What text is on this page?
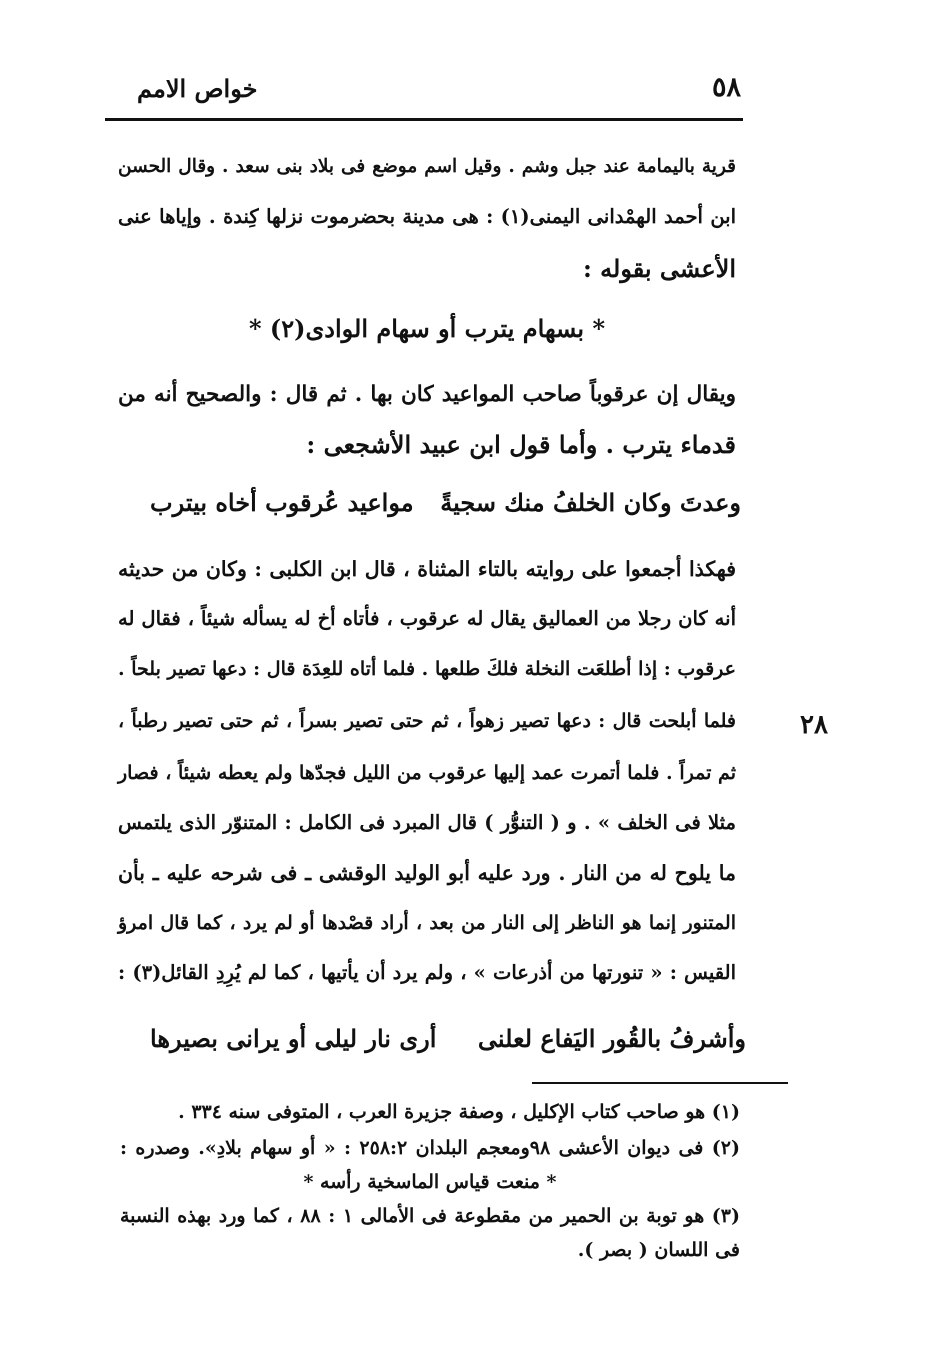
٥٨
خواص الامم
قرية باليمامة عند جبل وشم . وقيل اسم موضع فى بلاد بنى سعد . وقال الحسن
ابن أحمد الهمْدانى اليمنى(١) : هى مدينة بحضرموت نزلها كِندة . وإياها عنى
الأعشى بقوله :
* بسهام يترب أو سهام الوادى(٢) *
ويقال إن عرقوباً صاحب المواعيد كان بها . ثم قال : والصحيح أنه من
قدماء يترب . وأما قول ابن عبيد الأشجعى :
وعدتَ وكان الخلفُ منك سجيةً
مواعيد عُرقوب أخاه بيترب
فهكذا أجمعوا على روايته بالتاء المثناة ، قال ابن الكلبى : وكان من حديثه
أنه كان رجلا من العماليق يقال له عرقوب ، فأتاه أخ له يسأله شيئاً ، فقال له
عرقوب : إذا أطلعَت النخلة فلكَ طلعها . فلما أتاه للعِدَة قال : دعها تصير بلحاً .
فلما أبلحت قال : دعها تصير زهواً ، ثم حتى تصير بسراً ، ثم حتى تصير رطباً ،
ثم تمراً . فلما أتمرت عمد إليها عرقوب من الليل فجدّها ولم يعطه شيئاً ، فصار
مثلا فى الخلف » . و ( التنوُّر ) قال المبرد فى الكامل : المتنوّر الذى يلتمس
ما يلوح له من النار . ورد عليه أبو الوليد الوقشى ـ فى شرحه عليه ـ بأن
المتنور إنما هو الناظر إلى النار من بعد ، أراد قصْدها أو لم يرد ، كما قال امرؤ
القيس : « تنورتها من أذرعات » ، ولم يرد أن يأتيها ، كما لم يُرِدِ القائل(٣) :
٢٨
وأشرفُ بالقُور اليَفاع لعلنى
أرى نار ليلى أو يرانى بصيرها
(١) هو صاحب كتاب الإكليل ، وصفة جزيرة العرب ، المتوفى سنه ٣٣٤ .
(٢) فى ديوان الأعشى ٩٨ومعجم البلدان ٢٥٨:٢ : « أو سهام بلادِ». وصدره :
* منعت قياس الماسخية رأسه *
(٣) هو توبة بن الحمير من مقطوعة فى الأمالى ١ : ٨٨ ، كما ورد بهذه النسبة
فى اللسان ( بصر ).
